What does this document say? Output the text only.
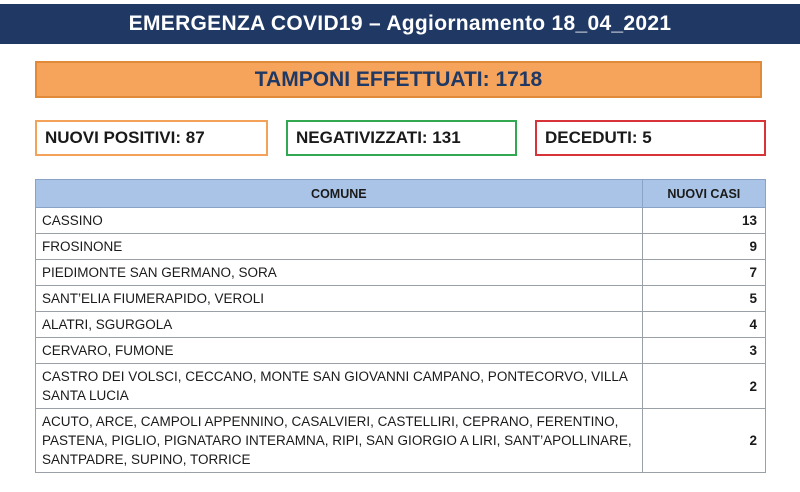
EMERGENZA COVID19 – Aggiornamento 18_04_2021
TAMPONI EFFETTUATI: 1718
NUOVI POSITIVI: 87	NEGATIVIZZATI: 131	DECEDUTI: 5
COMUNE	NUOVI CASI
CASSINO	13
FROSINONE	9
PIEDIMONTE SAN GERMANO, SORA	7
SANT’ELIA FIUMERAPIDO, VEROLI	5
ALATRI, SGURGOLA	4
CERVARO, FUMONE	3
CASTRO DEI VOLSCI, CECCANO, MONTE SAN GIOVANNI CAMPANO, PONTECORVO, VILLA SANTA LUCIA	2
ACUTO, ARCE, CAMPOLI APPENNINO, CASALVIERI, CASTELLIRI, CEPRANO, FERENTINO, PASTENA, PIGLIO, PIGNATARO INTERAMNA, RIPI, SAN GIORGIO A LIRI, SANT’APOLLINARE, SANTPADRE, SUPINO, TORRICE	2
